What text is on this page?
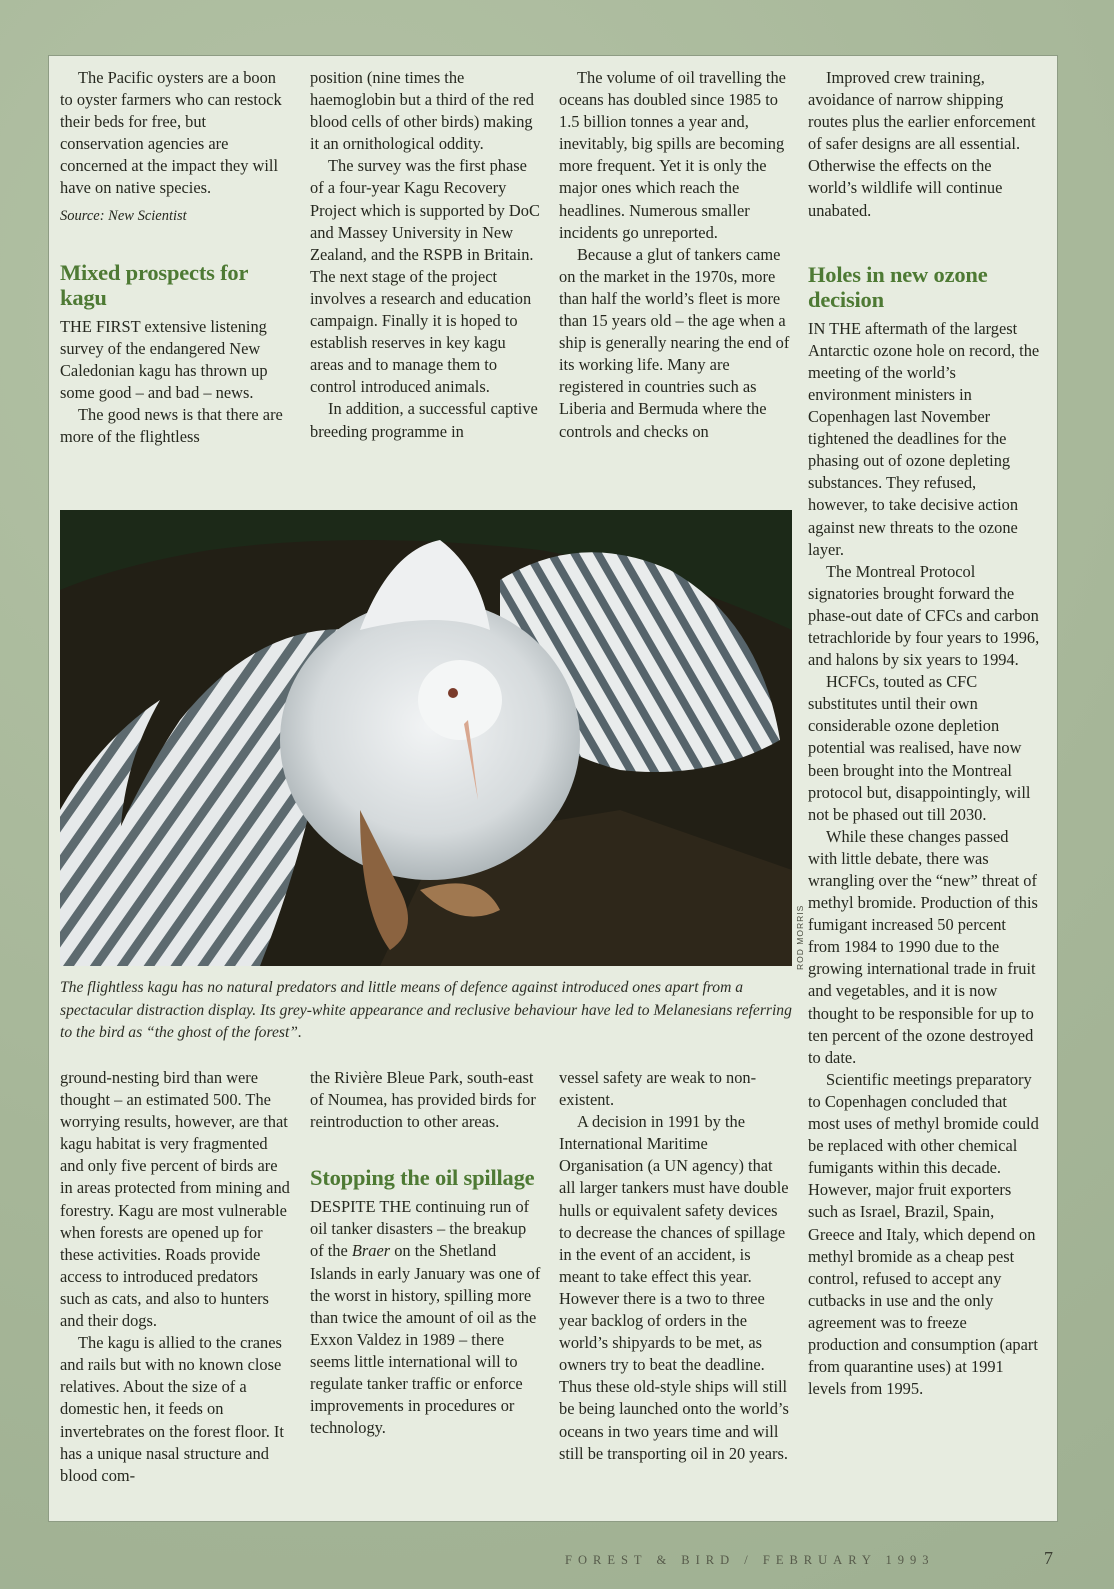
The Pacific oysters are a boon to oyster farmers who can restock their beds for free, but conservation agencies are concerned at the impact they will have on native species.

Source: New Scientist

Mixed prospects for kagu

THE FIRST extensive listening survey of the endangered New Caledonian kagu has thrown up some good – and bad – news.

The good news is that there are more of the flightless

position (nine times the haemoglobin but a third of the red blood cells of other birds) making it an ornithological oddity.

The survey was the first phase of a four-year Kagu Recovery Project which is supported by DoC and Massey University in New Zealand, and the RSPB in Britain. The next stage of the project involves a research and education campaign. Finally it is hoped to establish reserves in key kagu areas and to manage them to control introduced animals.

In addition, a successful captive breeding programme in

The volume of oil travelling the oceans has doubled since 1985 to 1.5 billion tonnes a year and, inevitably, big spills are becoming more frequent. Yet it is only the major ones which reach the headlines. Numerous smaller incidents go unreported.

Because a glut of tankers came on the market in the 1970s, more than half the world’s fleet is more than 15 years old – the age when a ship is generally nearing the end of its working life. Many are registered in countries such as Liberia and Bermuda where the controls and checks on

Improved crew training, avoidance of narrow shipping routes plus the earlier enforcement of safer designs are all essential. Otherwise the effects on the world’s wildlife will continue unabated.

Holes in new ozone decision

IN THE aftermath of the largest Antarctic ozone hole on record, the meeting of the world’s environment ministers in Copenhagen last November tightened the deadlines for the phasing out of ozone depleting substances. They refused, however, to take decisive action against new threats to the ozone layer.

The Montreal Protocol signatories brought forward the phase-out date of CFCs and carbon tetrachloride by four years to 1996, and halons by six years to 1994.

HCFCs, touted as CFC substitutes until their own considerable ozone depletion potential was realised, have now been brought into the Montreal protocol but, disappointingly, will not be phased out till 2030.

While these changes passed with little debate, there was wrangling over the “new” threat of methyl bromide. Production of this fumigant increased 50 percent from 1984 to 1990 due to the growing international trade in fruit and vegetables, and it is now thought to be responsible for up to ten percent of the ozone destroyed to date.

Scientific meetings preparatory to Copenhagen concluded that most uses of methyl bromide could be replaced with other chemical fumigants within this decade. However, major fruit exporters such as Israel, Brazil, Spain, Greece and Italy, which depend on methyl bromide as a cheap pest control, refused to accept any cutbacks in use and the only agreement was to freeze production and consumption (apart from quarantine uses) at 1991 levels from 1995.

ROD MORRIS
The flightless kagu has no natural predators and little means of defence against introduced ones apart from a spectacular distraction display. Its grey-white appearance and reclusive behaviour have led to Melanesians referring to the bird as “the ghost of the forest”.

ground-nesting bird than were thought – an estimated 500. The worrying results, however, are that kagu habitat is very fragmented and only five percent of birds are in areas protected from mining and forestry. Kagu are most vulnerable when forests are opened up for these activities. Roads provide access to introduced predators such as cats, and also to hunters and their dogs.

The kagu is allied to the cranes and rails but with no known close relatives. About the size of a domestic hen, it feeds on invertebrates on the forest floor. It has a unique nasal structure and blood com-

the Rivière Bleue Park, south-east of Noumea, has provided birds for reintroduction to other areas.

Stopping the oil spillage

DESPITE THE continuing run of oil tanker disasters – the breakup of the Braer on the Shetland Islands in early January was one of the worst in history, spilling more than twice the amount of oil as the Exxon Valdez in 1989 – there seems little international will to regulate tanker traffic or enforce improvements in procedures or technology.

vessel safety are weak to non-existent.

A decision in 1991 by the International Maritime Organisation (a UN agency) that all larger tankers must have double hulls or equivalent safety devices to decrease the chances of spillage in the event of an accident, is meant to take effect this year. However there is a two to three year backlog of orders in the world’s shipyards to be met, as owners try to beat the deadline. Thus these old-style ships will still be being launched onto the world’s oceans in two years time and will still be transporting oil in 20 years.

FOREST & BIRD / FEBRUARY 1993	7
